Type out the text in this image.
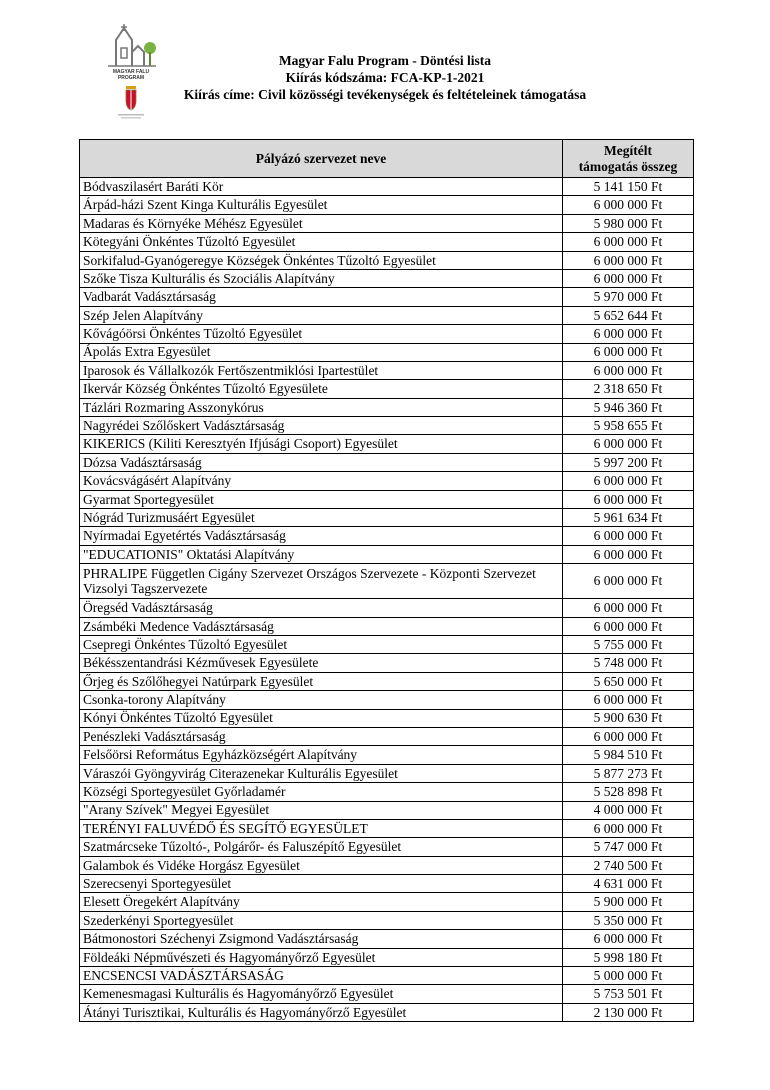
MAGYAR FALU
PROGRAM
Magyar Falu Program - Döntési lista
Kiírás kódszáma: FCA-KP-1-2021
Kiírás címe: Civil közösségi tevékenységek és feltételeinek támogatása
Pályázó szervezet neve	Megítélt
támogatás összeg
Bódvaszilasért Baráti Kör	5 141 150 Ft
Árpád-házi Szent Kinga Kulturális Egyesület	6 000 000 Ft
Madaras és Környéke Méhész Egyesület	5 980 000 Ft
Kötegyáni Önkéntes Tűzoltó Egyesület	6 000 000 Ft
Sorkifalud-Gyanógeregye Községek Önkéntes Tűzoltó Egyesület	6 000 000 Ft
Szőke Tisza Kulturális és Szociális Alapítvány	6 000 000 Ft
Vadbarát Vadásztársaság	5 970 000 Ft
Szép Jelen Alapítvány	5 652 644 Ft
Kővágóörsi Önkéntes Tűzoltó Egyesület	6 000 000 Ft
Ápolás Extra Egyesület	6 000 000 Ft
Iparosok és Vállalkozók Fertőszentmiklósi Ipartestület	6 000 000 Ft
Ikervár Község Önkéntes Tűzoltó Egyesülete	2 318 650 Ft
Tázlári Rozmaring Asszonykórus	5 946 360 Ft
Nagyrédei Szőlőskert Vadásztársaság	5 958 655 Ft
KIKERICS (Kiliti Keresztyén Ifjúsági Csoport) Egyesület	6 000 000 Ft
Dózsa Vadásztársaság	5 997 200 Ft
Kovácsvágásért Alapítvány	6 000 000 Ft
Gyarmat Sportegyesület	6 000 000 Ft
Nógrád Turizmusáért Egyesület	5 961 634 Ft
Nyírmadai Egyetértés Vadásztársaság	6 000 000 Ft
"EDUCATIONIS" Oktatási Alapítvány	6 000 000 Ft
PHRALIPE Független Cigány Szervezet Országos Szervezete - Központi Szervezet Vizsolyi Tagszervezete	6 000 000 Ft
Öregséd Vadásztársaság	6 000 000 Ft
Zsámbéki Medence Vadásztársaság	6 000 000 Ft
Csepregi Önkéntes Tűzoltó Egyesület	5 755 000 Ft
Békésszentandrási Kézművesek Egyesülete	5 748 000 Ft
Őrjeg és Szőlőhegyei Natúrpark Egyesület	5 650 000 Ft
Csonka-torony Alapítvány	6 000 000 Ft
Kónyi Önkéntes Tűzoltó Egyesület	5 900 630 Ft
Penészleki Vadásztársaság	6 000 000 Ft
Felsőörsi Református Egyházközségért Alapítvány	5 984 510 Ft
Váraszói Gyöngyvirág Citerazenekar Kulturális Egyesület	5 877 273 Ft
Községi Sportegyesület Győrladamér	5 528 898 Ft
"Arany Szívek" Megyei Egyesület	4 000 000 Ft
TERÉNYI FALUVÉDŐ ÉS SEGÍTŐ EGYESÜLET	6 000 000 Ft
Szatmárcseke Tűzoltó-, Polgárőr- és Faluszépítő Egyesület	5 747 000 Ft
Galambok és Vidéke Horgász Egyesület	2 740 500 Ft
Szerecsenyi Sportegyesület	4 631 000 Ft
Elesett Öregekért Alapítvány	5 900 000 Ft
Szederkényi Sportegyesület	5 350 000 Ft
Bátmonostori Széchenyi Zsigmond Vadásztársaság	6 000 000 Ft
Földeáki Népművészeti és Hagyományőrző Egyesület	5 998 180 Ft
ENCSENCSI VADÁSZTÁRSASÁG	5 000 000 Ft
Kemenesmagasi Kulturális és Hagyományőrző Egyesület	5 753 501 Ft
Átányi Turisztikai, Kulturális és Hagyományőrző Egyesület	2 130 000 Ft
